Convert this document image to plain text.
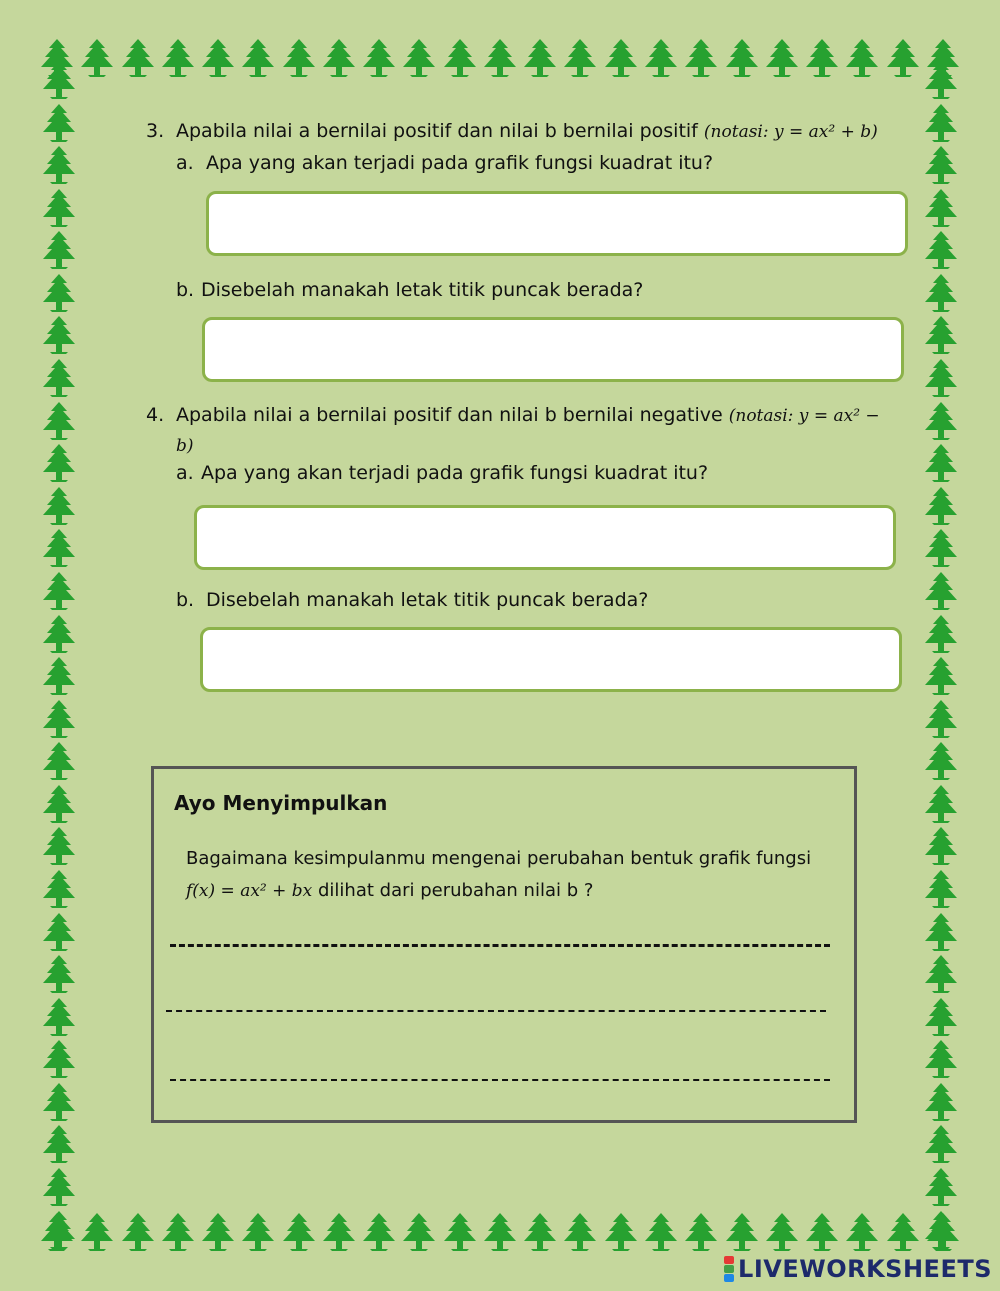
3. Apabila nilai a bernilai positif dan nilai b bernilai positif (notasi: y = ax² + b)
a. Apa yang akan terjadi pada grafik fungsi kuadrat itu?
b. Disebelah manakah letak titik puncak berada?
4. Apabila nilai a bernilai positif dan nilai b bernilai negative (notasi: y = ax² −
b)
a. Apa yang akan terjadi pada grafik fungsi kuadrat itu?
b. Disebelah manakah letak titik puncak berada?
Ayo Menyimpulkan
Bagaimana kesimpulanmu mengenai perubahan bentuk grafik fungsi
f(x) = ax² + bx dilihat dari perubahan nilai b ?
LIVEWORKSHEETS
